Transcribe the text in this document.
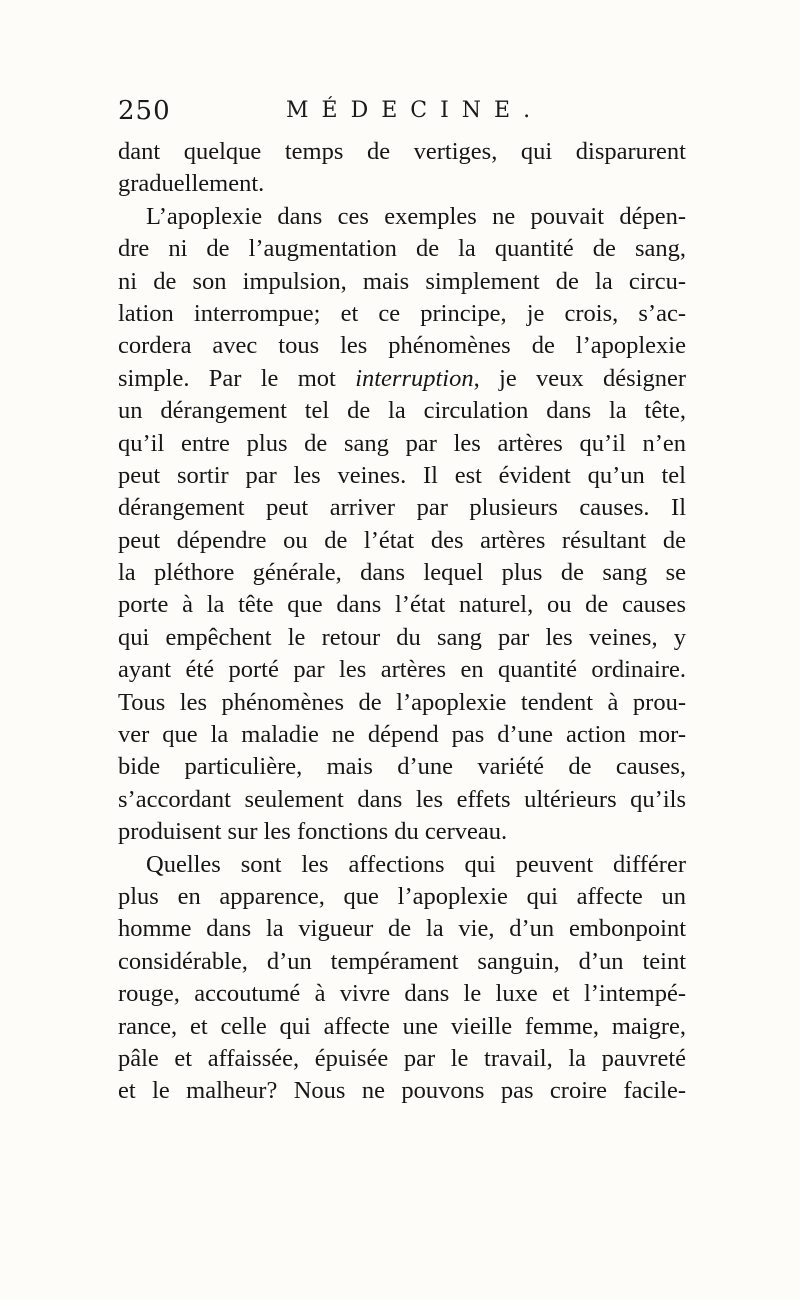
250	MÉDECINE.
dant quelque temps de vertiges, qui disparurent
graduellement.
L’apoplexie dans ces exemples ne pouvait dépen-
dre ni de l’augmentation de la quantité de sang,
ni de son impulsion, mais simplement de la circu-
lation interrompue; et ce principe, je crois, s’ac-
cordera avec tous les phénomènes de l’apoplexie
simple. Par le mot interruption, je veux désigner
un dérangement tel de la circulation dans la tête,
qu’il entre plus de sang par les artères qu’il n’en
peut sortir par les veines. Il est évident qu’un tel
dérangement peut arriver par plusieurs causes. Il
peut dépendre ou de l’état des artères résultant de
la pléthore générale, dans lequel plus de sang se
porte à la tête que dans l’état naturel, ou de causes
qui empêchent le retour du sang par les veines, y
ayant été porté par les artères en quantité ordinaire.
Tous les phénomènes de l’apoplexie tendent à prou-
ver que la maladie ne dépend pas d’une action mor-
bide particulière, mais d’une variété de causes,
s’accordant seulement dans les effets ultérieurs qu’ils
produisent sur les fonctions du cerveau.
Quelles sont les affections qui peuvent différer
plus en apparence, que l’apoplexie qui affecte un
homme dans la vigueur de la vie, d’un embonpoint
considérable, d’un tempérament sanguin, d’un teint
rouge, accoutumé à vivre dans le luxe et l’intempé-
rance, et celle qui affecte une vieille femme, maigre,
pâle et affaissée, épuisée par le travail, la pauvreté
et le malheur? Nous ne pouvons pas croire facile-
